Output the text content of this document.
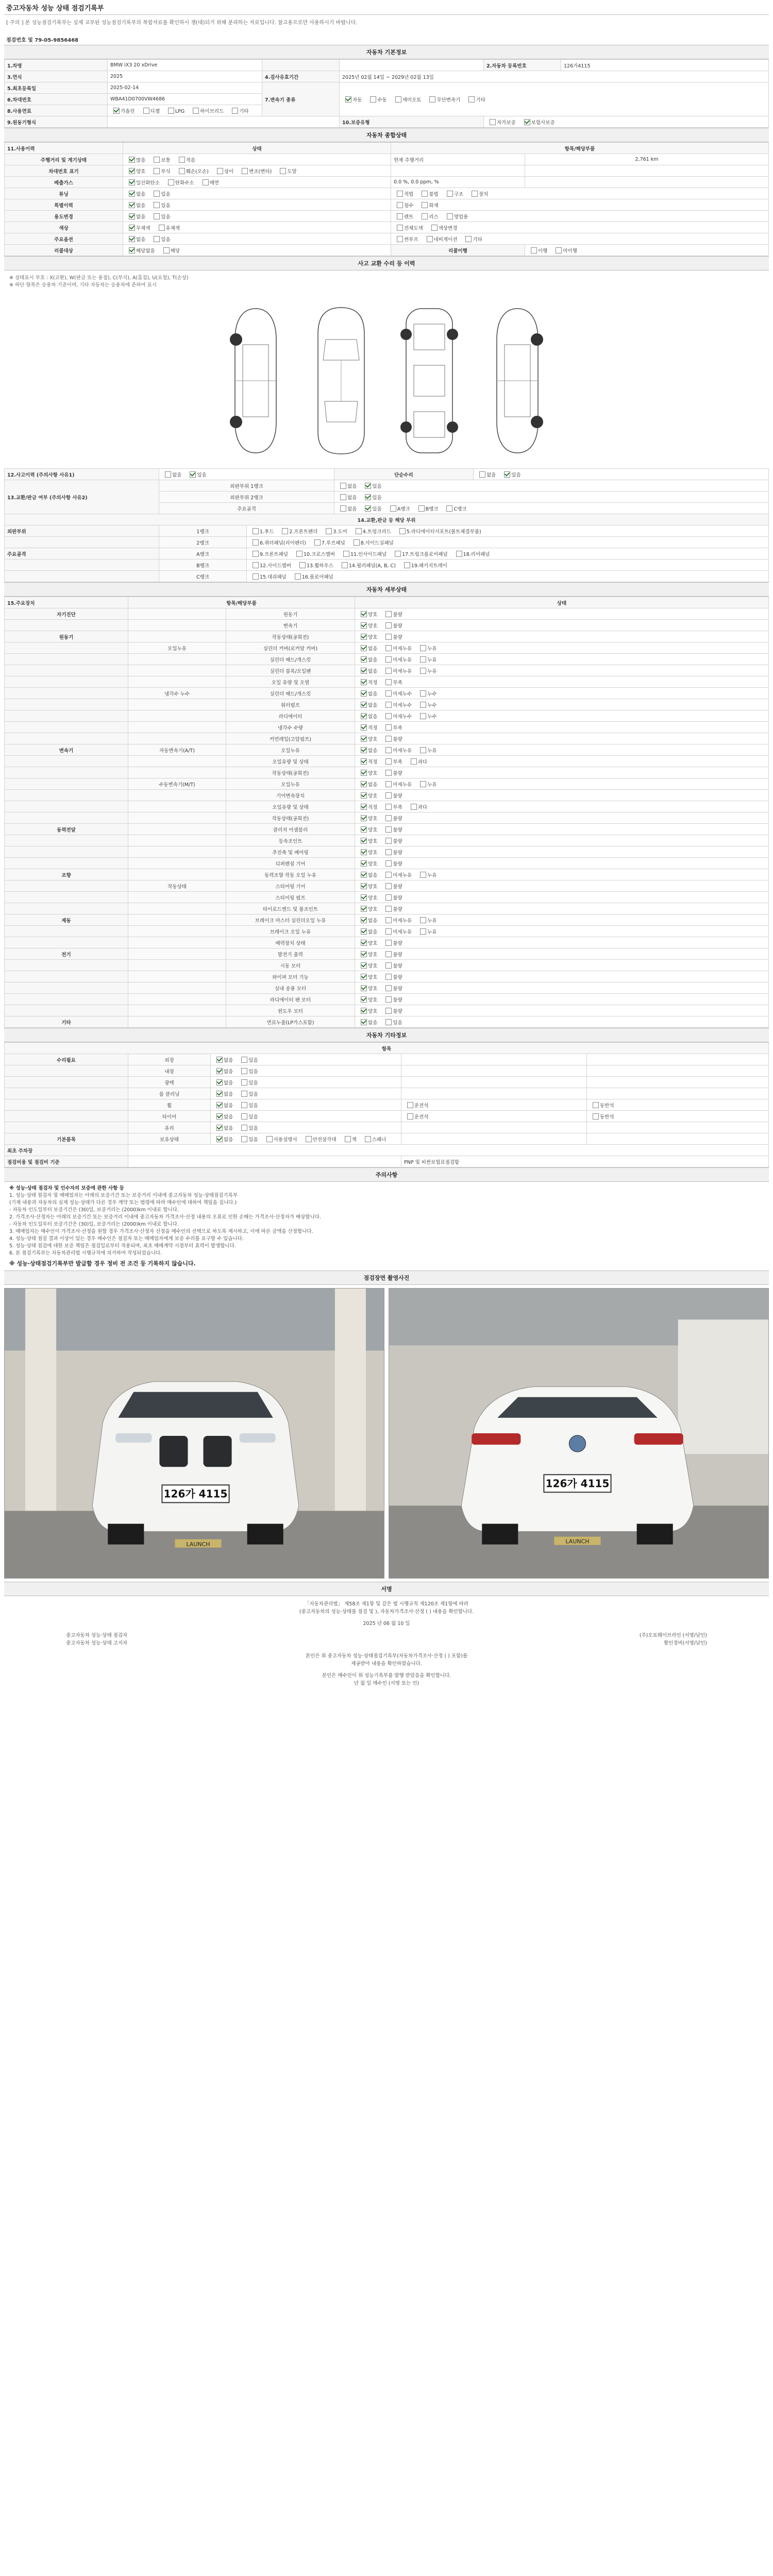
중고자동차 성능 상태 점검기록부
[ 주의 ] 본 성능점검기록부는 실제 교부된 성능점검기록부의 복합자료를 확인하시 쟁(대)되기 위해 분리하는 자료입니다. 참고용으로만 사용하시기 바랍니다.
점검번호 및 79-05-9856468
자동차 기본정보
1.차명	BMW iX3 20 xDrive			2.자동차 등록번호	126가4115
3.연식	2025	4.검사유효기간	2025년 02월 14일 ~ 2029년 02월 13일		
5.최초등록일	2025-02-14	7.변속기 종류	자동 수동 세미오토 무단변속기 기타		
6.차대번호	WBA41D0700VW4686				
8.사용연료	가솔린 디젤 LPG 하이브리드 기타				
9.원동기형식			10.보증유형	자가보증 보험사보증	
자동차 종합상태
11.사용이력	상태	항목/해당부품	
주행거리 및 계기상태	많음 보통 적음	현재 주행거리	2,761 km
차대번호 표기	양호 부식 훼손(오손) 상이 변조(변타) 도말		
배출가스	일산화탄소 탄화수소 매연	0.0 %, 0.0 ppm, %	
튜닝	없음 있음	적법 불법 구조 장치	
특별이력	없음 있음	침수 화재	
용도변경	없음 있음	렌트 리스 영업용	
색상	무채색 유채색	전체도색 색상변경	
주요옵션	없음 있음	썬루프 네비게이션 기타	
리콜대상	해당없음 해당	리콜이행	이행 미이행
사고 교환 수리 등 이력
※ 상태표시 부호 : X(교환), W(판금 또는 용접), C(부식), A(흠집), U(요철), T(손상)
※ 하단 항목은 승용차 기준이며, 기타 자동차는 승용차에 준하여 표시
12.사고이력 (주의사항 사유1)	없음 있음		단순수리	없음 있음
13.교환/판금 여부 (주의사항 사유2)	외판부위 1랭크		없음 있음	
	외판부위 2랭크		없음 있음	
	주요골격		없음 있음 A랭크 B랭크 C랭크	
14.교환,판금 등 해당 부위				
외판부위	1랭크	1.후드 2.프론트펜더 3.도어 4.트렁크리드 5.라디에이터서포트(볼트체결부품)		
	2랭크	6.쿼터패널(리어펜더) 7.루프패널 8.사이드실패널		
주요골격	A랭크	9.프론트패널 10.크로스멤버 11.인사이드패널 17.트렁크플로어패널 18.리어패널		
	B랭크	12.사이드멤버 13.휠하우스 14.필러패널(A, B, C) 19.패키지트레이		
	C랭크	15.대쉬패널 16.플로어패널		
자동차 세부상태
15.주요장치	항목/해당부품		상태
자기진단		원동기	양호 불량
		변속기	양호 불량
원동기		작동상태(공회전)	양호 불량
	오일누유	실린더 커버(로커암 커버)	없음 미세누유 누유
		실린더 헤드/개스킷	없음 미세누유 누유
		실린더 블록/오일팬	없음 미세누유 누유
		오일 유량 및 오염	적정 부족
	냉각수 누수	실린더 헤드/개스킷	없음 미세누수 누수
		워터펌프	없음 미세누수 누수
		라디에이터	없음 미세누수 누수
		냉각수 수량	적정 부족
		커먼레일(고압펌프)	양호 불량
변속기	자동변속기(A/T)	오일누유	없음 미세누유 누유
		오일유량 및 상태	적정 부족 과다
		작동상태(공회전)	양호 불량
	수동변속기(M/T)	오일누유	없음 미세누유 누유
		기어변속장치	양호 불량
		오일유량 및 상태	적정 부족 과다
		작동상태(공회전)	양호 불량
동력전달		클러치 어셈블리	양호 불량
		등속조인트	양호 불량
		추진축 및 베어링	양호 불량
		디퍼렌셜 기어	양호 불량
조향		동력조향 작동 오일 누유	없음 미세누유 누유
	작동상태	스티어링 기어	양호 불량
		스티어링 펌프	양호 불량
		타이로드엔드 및 볼조인트	양호 불량
제동		브레이크 마스터 실린더오일 누유	없음 미세누유 누유
		브레이크 오일 누유	없음 미세누유 누유
		배력장치 상태	양호 불량
전기		발전기 출력	양호 불량
		시동 모터	양호 불량
		와이퍼 모터 기능	양호 불량
		실내 송풍 모터	양호 불량
		라디에이터 팬 모터	양호 불량
		윈도우 모터	양호 불량
기타		연료누출(LP가스포함)	없음 있음
자동차 기타정보
항목				
수리필요	외장	없음 있음		
	내장	없음 있음		
	광택	없음 있음		
	룸 클리닝	없음 있음		
	휠	없음 있음	운전석	동반석
	타이어	없음 있음	운전석	동반석
	유리	없음 있음		
기본품목	보유상태	없음 있음 사용설명서 안전삼각대 잭 스패너		
최초 주차장				
점검비용 및 점검비 기준			PNP 및 비싼보험료점검함	
주의사항
※ 성능·상태 점검자 및 인수자의 보증에 관한 사항 등
1. 성능·상태 점검자 및 매매업자는 아래의 보증기간 또는 보증거리 이내에 중고자동차 성능·상태점검기록부
(기재 내용과 자동차의 실제 성능·상태가 다른 경우 계약 또는 법령에 따라 매수인에 대하여 책임을 집니다.)
- 자동차 인도일부터 보증기간은 (30)일, 보증거리는 (2000)km 이내로 합니다.
2. 가격조사·산정자는 아래의 보증기간 또는 보증거리 이내에 중고자동차 가격조사·산정 내용의 오류로 인한 손해는 가격조사·산정자가 배상합니다.
- 자동차 인도일부터 보증기간은 (30)일, 보증거리는 (2000)km 이내로 합니다.
3. 매매업자는 매수인이 가격조사·산정을 원할 경우 가격조사·산정자 선정을 매수인의 선택으로 하도록 제시하고, 이에 따른 금액을 산정합니다.
4. 성능·상태 점검 결과 이상이 있는 경우 매수인은 점검자 또는 매매업자에게 보증 수리를 요구할 수 있습니다.
5. 성능·상태 점검에 대한 보증 책임은 점검일로부터 적용되며, 최초 매매계약 시점부터 효력이 발생합니다.
6. 본 점검기록부는 자동차관리법 시행규칙에 의거하여 작성되었습니다.
※ 성능·상태점검기록부만 발급할 경우 정비 전 조건 등 기록하지 않습니다.
점검장면 촬영사진
126가 4115
LAUNCH
126가 4115
LAUNCH
서명
「자동차관리법」 제58조 제1항 및 같은 법 시행규칙 제120조 제1항에 따라
(중고자동차의 성능·상태를 점검 및 ), 자동차가격조사·산정 ( ) 내용을 확인합니다.
2025 년 06 월 10 일
중고자동차 성능·상태 점검자	(주)오토웨이브라인 (서명/날인)
중고자동차 성능·상태 고지자	황인정비(서명/날인)
본인은 위 중고자동차 성능·상태점검기록부(자동차가격조사·산정 ( ) 포함)를
제공받아 내용을 확인하였습니다.
본인은 매수인이 위 성능기록부를 발행 받았음을 확인합니다.
년 월 일 매수인 (서명 또는 인)
